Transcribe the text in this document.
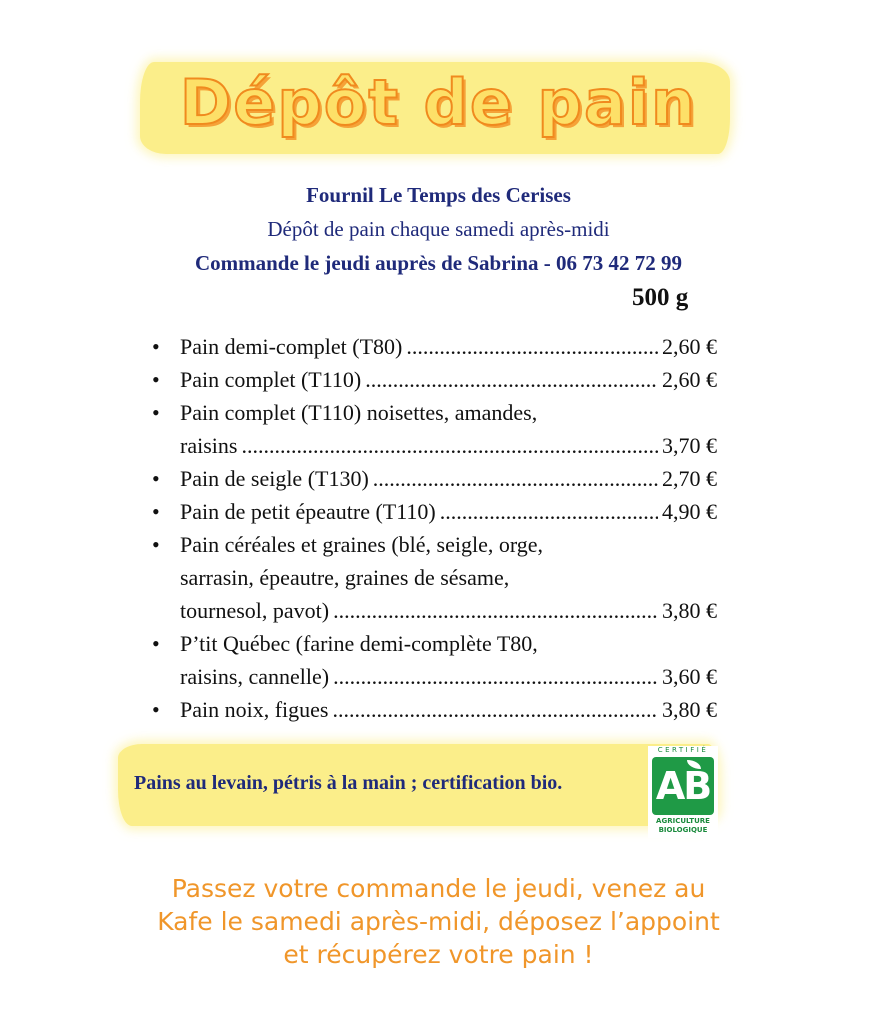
Dépôt de pain
Fournil Le Temps des Cerises
Dépôt de pain chaque samedi après-midi
Commande le jeudi auprès de Sabrina - 06 73 42 72 99
500 g
• Pain demi-complet (T80) .....	2,60 €
• Pain complet (T110) .....	2,60 €
• Pain complet (T110) noisettes, amandes,
raisins .....	3,70 €
• Pain de seigle (T130) .....	2,70 €
• Pain de petit épeautre (T110) .....	4,90 €
• Pain céréales et graines (blé, seigle, orge,
sarrasin, épeautre, graines de sésame,
tournesol, pavot) .....	3,80 €
• P’tit Québec (farine demi-complète T80,
raisins, cannelle) .....	3,60 €
• Pain noix, figues .....	3,80 €
Pains au levain, pétris à la main ; certification bio.
CERTIFIÉ
AB
AGRICULTURE
BIOLOGIQUE
Passez votre commande le jeudi, venez au
Kafe le samedi après-midi, déposez l’appoint
et récupérez votre pain !
